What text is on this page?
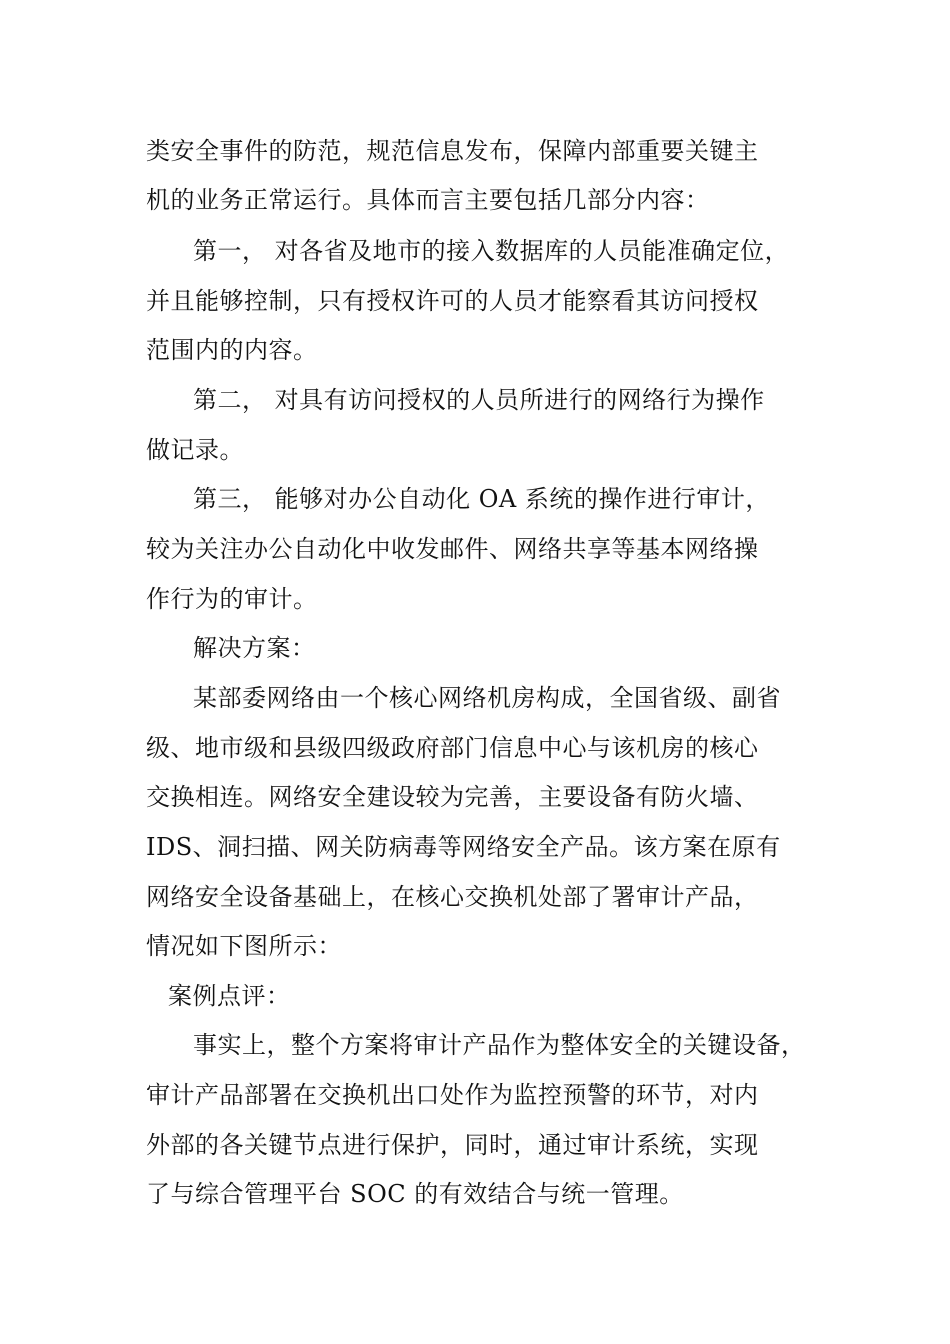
类安全事件的防范，规范信息发布，保障内部重要关键主

机的业务正常运行。具体而言主要包括几部分内容：

第一， 对各省及地市的接入数据库的人员能准确定位，

并且能够控制，只有授权许可的人员才能察看其访问授权

范围内的内容。

第二， 对具有访问授权的人员所进行的网络行为操作

做记录。

第三， 能够对办公自动化 OA 系统的操作进行审计，

较为关注办公自动化中收发邮件、网络共享等基本网络操

作行为的审计。

解决方案：

某部委网络由一个核心网络机房构成，全国省级、副省

级、地市级和县级四级政府部门信息中心与该机房的核心

交换相连。网络安全建设较为完善，主要设备有防火墙、

IDS、洞扫描、网关防病毒等网络安全产品。该方案在原有

网络安全设备基础上，在核心交换机处部了署审计产品，

情况如下图所示：

案例点评：

事实上，整个方案将审计产品作为整体安全的关键设备，

审计产品部署在交换机出口处作为监控预警的环节，对内

外部的各关键节点进行保护，同时，通过审计系统，实现

了与综合管理平台 SOC 的有效结合与统一管理。
